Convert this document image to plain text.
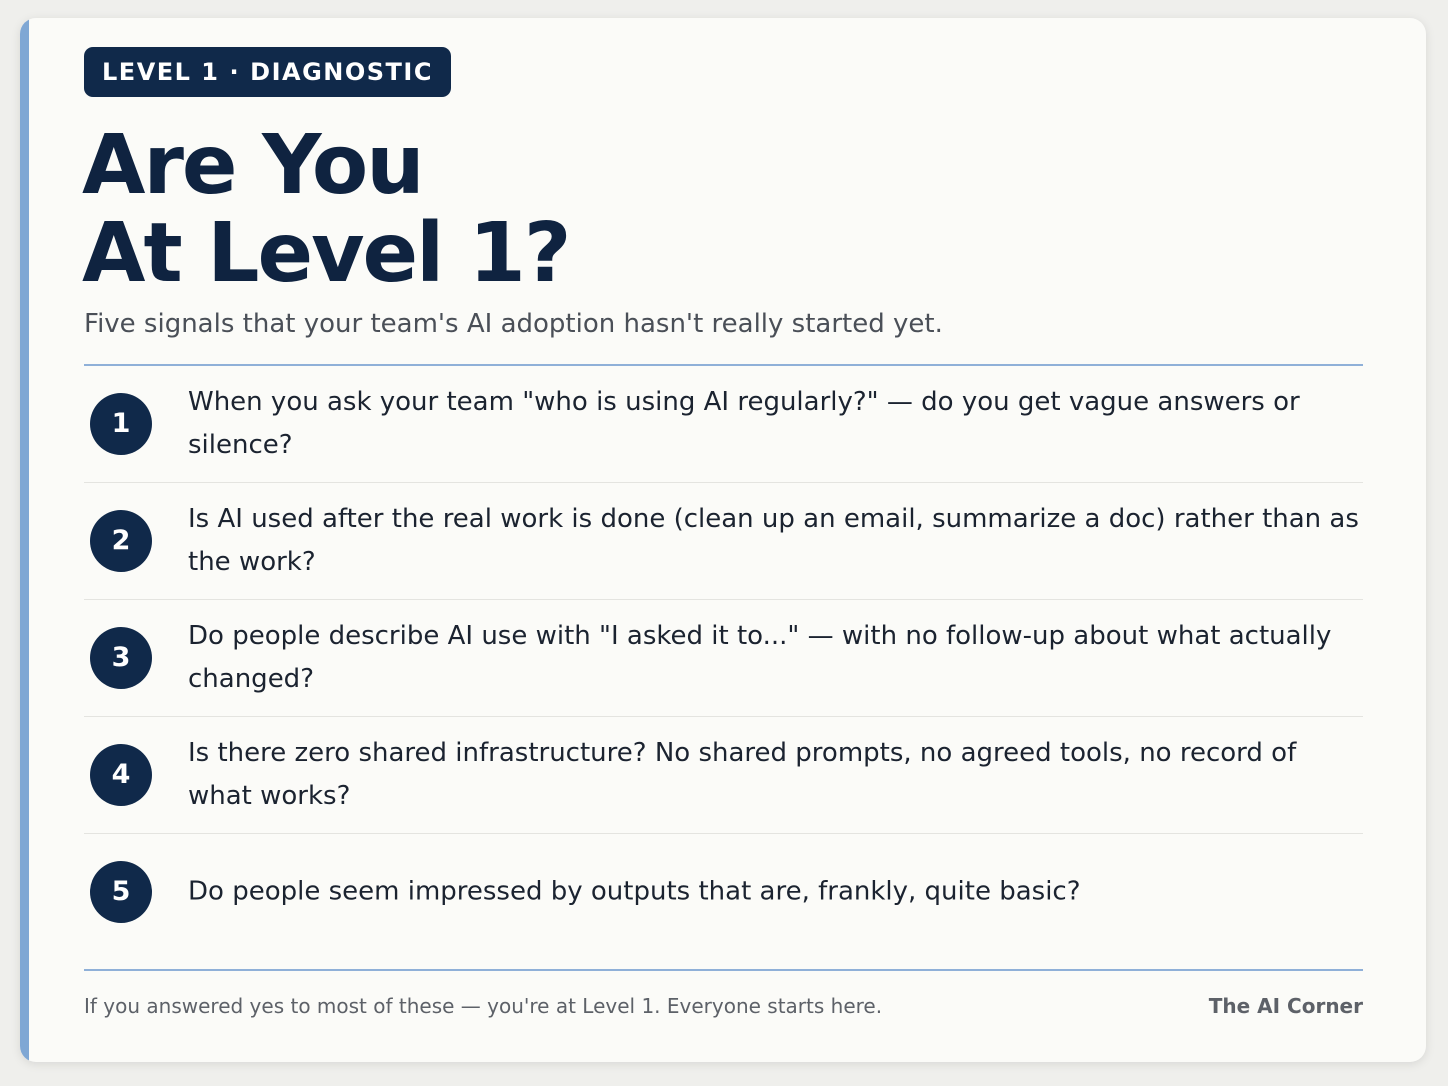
LEVEL 1 · DIAGNOSTIC
Are You
At Level 1?
Five signals that your team's AI adoption hasn't really started yet.
1
When you ask your team "who is using AI regularly?" — do you get vague answers or silence?
2
Is AI used after the real work is done (clean up an email, summarize a doc) rather than as the work?
3
Do people describe AI use with "I asked it to..." — with no follow-up about what actually changed?
4
Is there zero shared infrastructure? No shared prompts, no agreed tools, no record of what works?
5	Do people seem impressed by outputs that are, frankly, quite basic?
If you answered yes to most of these — you're at Level 1. Everyone starts here.	The AI Corner
